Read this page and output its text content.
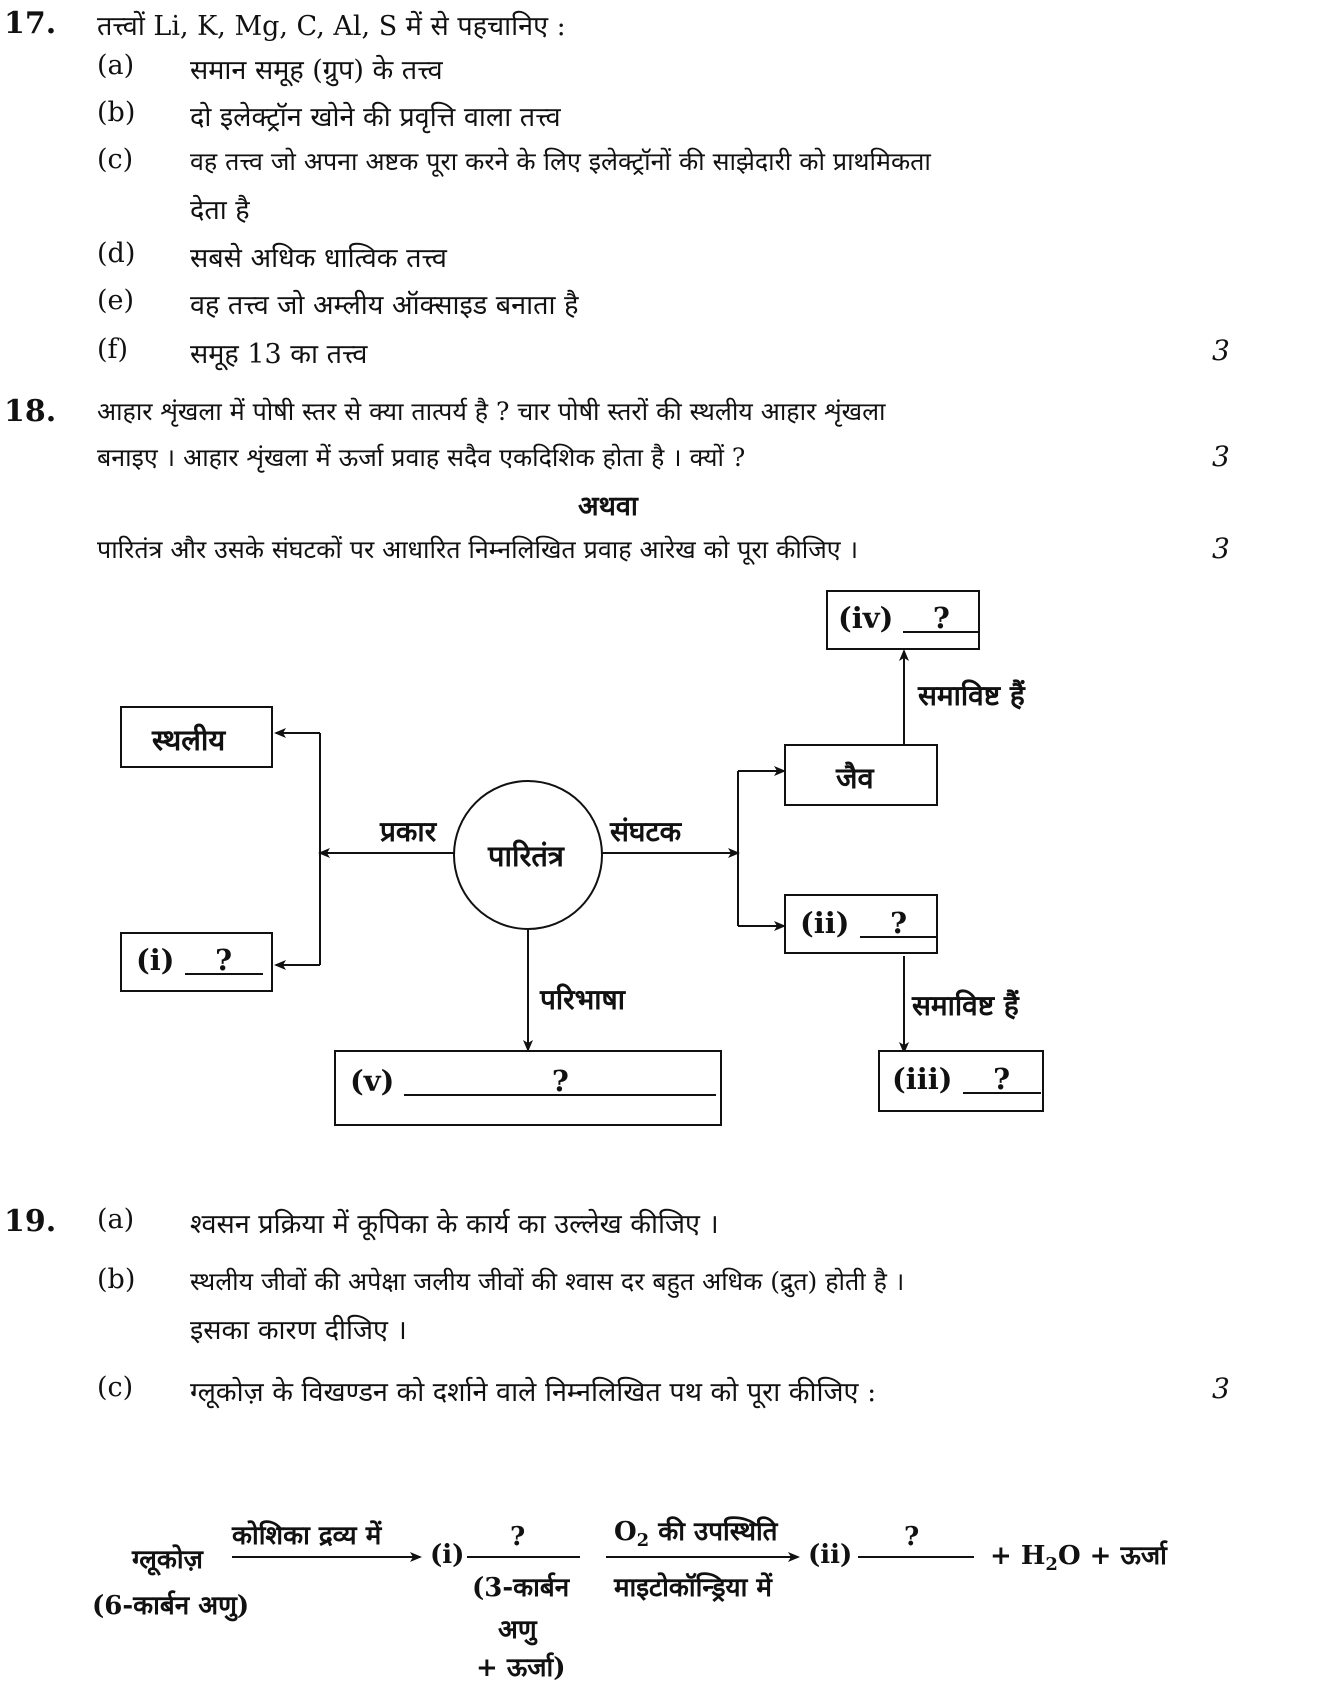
17. तत्त्वों Li, K, Mg, C, Al, S में से पहचानिए :
(a) समान समूह (ग्रुप) के तत्त्व
(b) दो इलेक्ट्रॉन खोने की प्रवृत्ति वाला तत्त्व
(c) वह तत्त्व जो अपना अष्टक पूरा करने के लिए इलेक्ट्रॉनों की साझेदारी को प्राथमिकता
देता है
(d) सबसे अधिक धात्विक तत्त्व
(e) वह तत्त्व जो अम्लीय ऑक्साइड बनाता है
(f) समूह 13 का तत्त्व	3
18. आहार शृंखला में पोषी स्तर से क्या तात्पर्य है ? चार पोषी स्तरों की स्थलीय आहार शृंखला
बनाइए । आहार शृंखला में ऊर्जा प्रवाह सदैव एकदिशिक होता है । क्यों ?	3
अथवा
पारितंत्र और उसके संघटकों पर आधारित निम्नलिखित प्रवाह आरेख को पूरा कीजिए ।	3
पारितंत्र
स्थलीय
(i) ?
प्रकार	संघटक
परिभाषा
जैव
(iv) ?
समाविष्ट हैं
(ii) ?
समाविष्ट हैं
(iii) ?
(v)	?
19. (a) श्वसन प्रक्रिया में कूपिका के कार्य का उल्लेख कीजिए ।
(b) स्थलीय जीवों की अपेक्षा जलीय जीवों की श्वास दर बहुत अधिक (द्रुत) होती है ।
इसका कारण दीजिए ।
(c) ग्लूकोज़ के विखण्डन को दर्शाने वाले निम्नलिखित पथ को पूरा कीजिए :	3
ग्लूकोज़
(6-कार्बन अणु)
कोशिका द्रव्य में
(i)
?
(3-कार्बन
अणु
+ ऊर्जा)
$O_2$ की उपस्थिति
माइटोकॉन्ड्रिया में
(ii)
?
+ $H_2O$ + ऊर्जा
